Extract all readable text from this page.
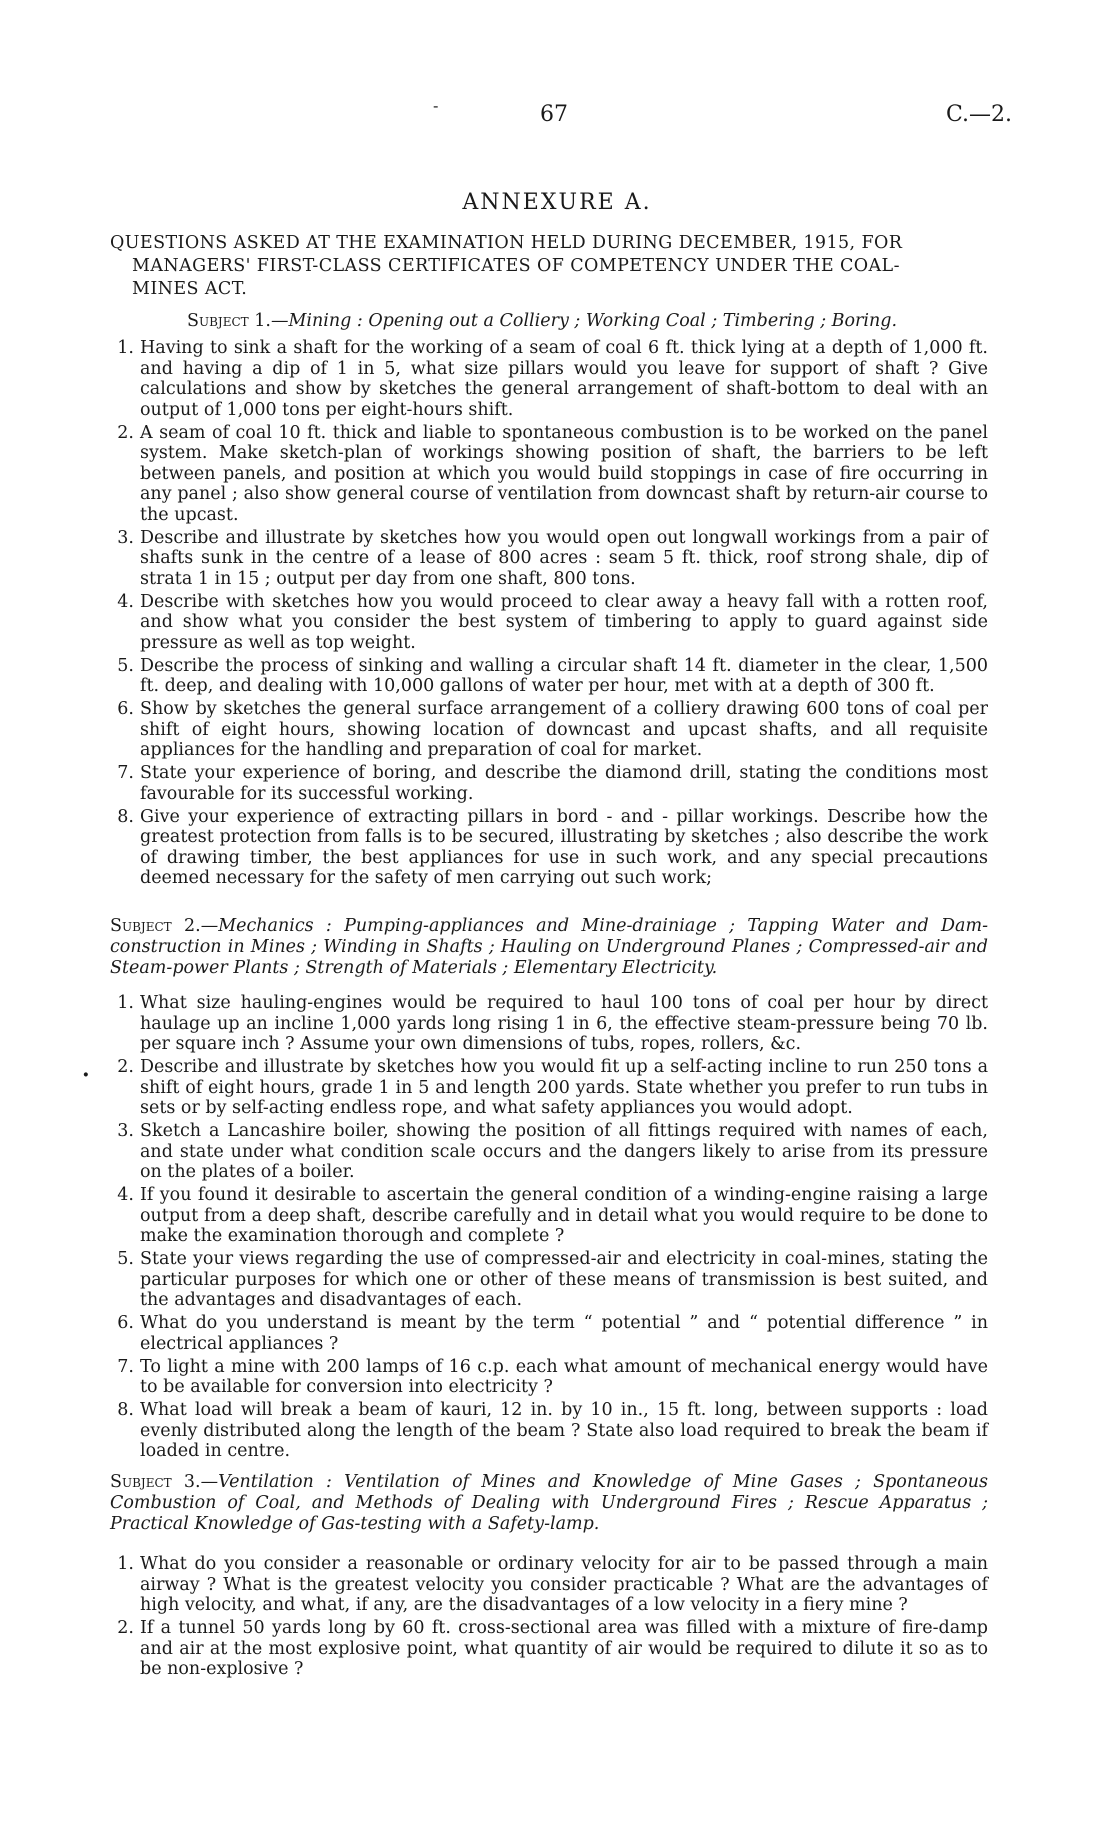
-	67	C.—2.
ANNEXURE A.
QUESTIONS ASKED AT THE EXAMINATION HELD DURING DECEMBER, 1915, FOR
MANAGERS' FIRST-CLASS CERTIFICATES OF COMPETENCY UNDER THE COAL-
MINES ACT.
Subject 1.—Mining : Opening out a Colliery ; Working Coal ; Timbering ; Boring.
1. Having to sink a shaft for the working of a seam of coal 6 ft. thick lying at a depth of 1,000 ft. and having a dip of 1 in 5, what size pillars would you leave for support of shaft ? Give calculations and show by sketches the general arrangement of shaft-bottom to deal with an output of 1,000 tons per eight-hours shift.
2. A seam of coal 10 ft. thick and liable to spontaneous combustion is to be worked on the panel system. Make sketch-plan of workings showing position of shaft, the barriers to be left between panels, and position at which you would build stoppings in case of fire occurring in any panel ; also show general course of ventilation from downcast shaft by return-air course to the upcast.
3. Describe and illustrate by sketches how you would open out longwall workings from a pair of shafts sunk in the centre of a lease of 800 acres : seam 5 ft. thick, roof strong shale, dip of strata 1 in 15 ; output per day from one shaft, 800 tons.
4. Describe with sketches how you would proceed to clear away a heavy fall with a rotten roof, and show what you consider the best system of timbering to apply to guard against side pressure as well as top weight.
5. Describe the process of sinking and walling a circular shaft 14 ft. diameter in the clear, 1,500 ft. deep, and dealing with 10,000 gallons of water per hour, met with at a depth of 300 ft.
6. Show by sketches the general surface arrangement of a colliery drawing 600 tons of coal per shift of eight hours, showing location of downcast and upcast shafts, and all requisite appliances for the handling and preparation of coal for market.
7. State your experience of boring, and describe the diamond drill, stating the conditions most favourable for its successful working.
8. Give your experience of extracting pillars in bord - and - pillar workings. Describe how the greatest protection from falls is to be secured, illustrating by sketches ; also describe the work of drawing timber, the best appliances for use in such work, and any special precautions deemed necessary for the safety of men carrying out such work;
Subject 2.—Mechanics : Pumping-appliances and Mine-drainiage ; Tapping Water and Dam-construction in Mines ; Winding in Shafts ; Hauling on Underground Planes ; Compressed-air and Steam-power Plants ; Strength of Materials ; Elementary Electricity.
·
1. What size hauling-engines would be required to haul 100 tons of coal per hour by direct haulage up an incline 1,000 yards long rising 1 in 6, the effective steam-pressure being 70 lb. per square inch ? Assume your own dimensions of tubs, ropes, rollers, &c.
2. Describe and illustrate by sketches how you would fit up a self-acting incline to run 250 tons a shift of eight hours, grade 1 in 5 and length 200 yards. State whether you prefer to run tubs in sets or by self-acting endless rope, and what safety appliances you would adopt.
3. Sketch a Lancashire boiler, showing the position of all fittings required with names of each, and state under what condition scale occurs and the dangers likely to arise from its pressure on the plates of a boiler.
4. If you found it desirable to ascertain the general condition of a winding-engine raising a large output from a deep shaft, describe carefully and in detail what you would require to be done to make the examination thorough and complete ?
5. State your views regarding the use of compressed-air and electricity in coal-mines, stating the particular purposes for which one or other of these means of transmission is best suited, and the advantages and disadvantages of each.
6. What do you understand is meant by the term “ potential ” and “ potential difference ” in electrical appliances ?
7. To light a mine with 200 lamps of 16 c.p. each what amount of mechanical energy would have to be available for conversion into electricity ?
8. What load will break a beam of kauri, 12 in. by 10 in., 15 ft. long, between supports : load evenly distributed along the length of the beam ? State also load required to break the beam if loaded in centre.
Subject 3.—Ventilation : Ventilation of Mines and Knowledge of Mine Gases ; Spontaneous Combustion of Coal, and Methods of Dealing with Underground Fires ; Rescue Apparatus ; Practical Knowledge of Gas-testing with a Safety-lamp.
1. What do you consider a reasonable or ordinary velocity for air to be passed through a main airway ? What is the greatest velocity you consider practicable ? What are the advantages of high velocity, and what, if any, are the disadvantages of a low velocity in a fiery mine ?
2. If a tunnel 50 yards long by 60 ft. cross-sectional area was filled with a mixture of fire-damp and air at the most explosive point, what quantity of air would be required to dilute it so as to be non-explosive ?
